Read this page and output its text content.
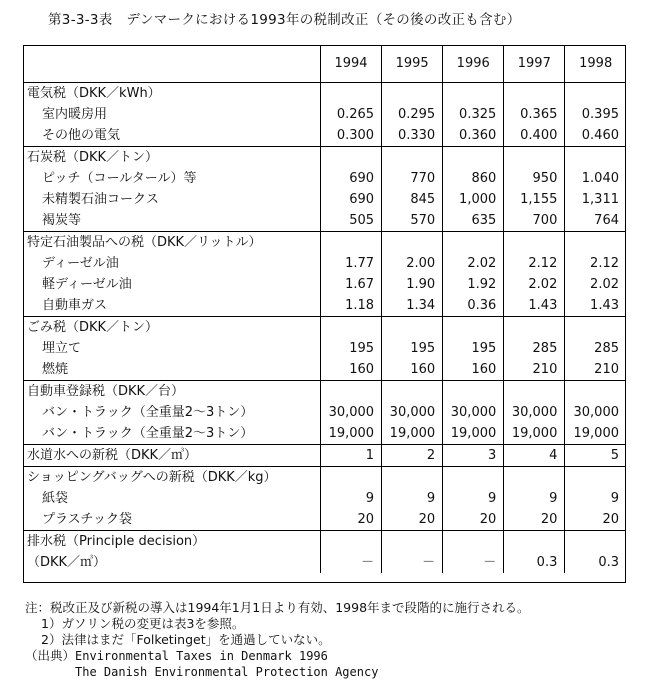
第3-3-3表　デンマークにおける1993年の税制改正（その後の改正も含む）
	1994	1995	1996	1997	1998
電気税（DKK／kWh）					
室内暖房用	0.265	0.295	0.325	0.365	0.395
その他の電気	0.300	0.330	0.360	0.400	0.460
石炭税（DKK／トン）					
ピッチ（コールタール）等	690	770	860	950	1.040
未精製石油コークス	690	845	1,000	1,155	1,311
褐炭等	505	570	635	700	764
特定石油製品への税（DKK／リットル）					
ディーゼル油	1.77	2.00	2.02	2.12	2.12
軽ディーゼル油	1.67	1.90	1.92	2.02	2.02
自動車ガス	1.18	1.34	0.36	1.43	1.43
ごみ税（DKK／トン）					
埋立て	195	195	195	285	285
燃焼	160	160	160	210	210
自動車登録税（DKK／台）					
バン・トラック（全重量2～3トン）	30,000	30,000	30,000	30,000	30,000
バン・トラック（全重量2～3トン）	19,000	19,000	19,000	19,000	19,000
水道水への新税（DKK／㎥）	1	2	3	4	5
ショッピングバッグへの新税（DKK／kg）					
紙袋	9	9	9	9	9
プラスチック袋	20	20	20	20	20
排水税（Principle decision）					
（DKK／㎥）	－	－	－	0.3	0.3
注：税改正及び新税の導入は1994年1月1日より有効、1998年まで段階的に施行される。
1）ガソリン税の変更は表3を参照。
2）法律はまだ「Folketinget」を通過していない。
（出典）Environmental Taxes in Denmark 1996
The Danish Environmental Protection Agency
